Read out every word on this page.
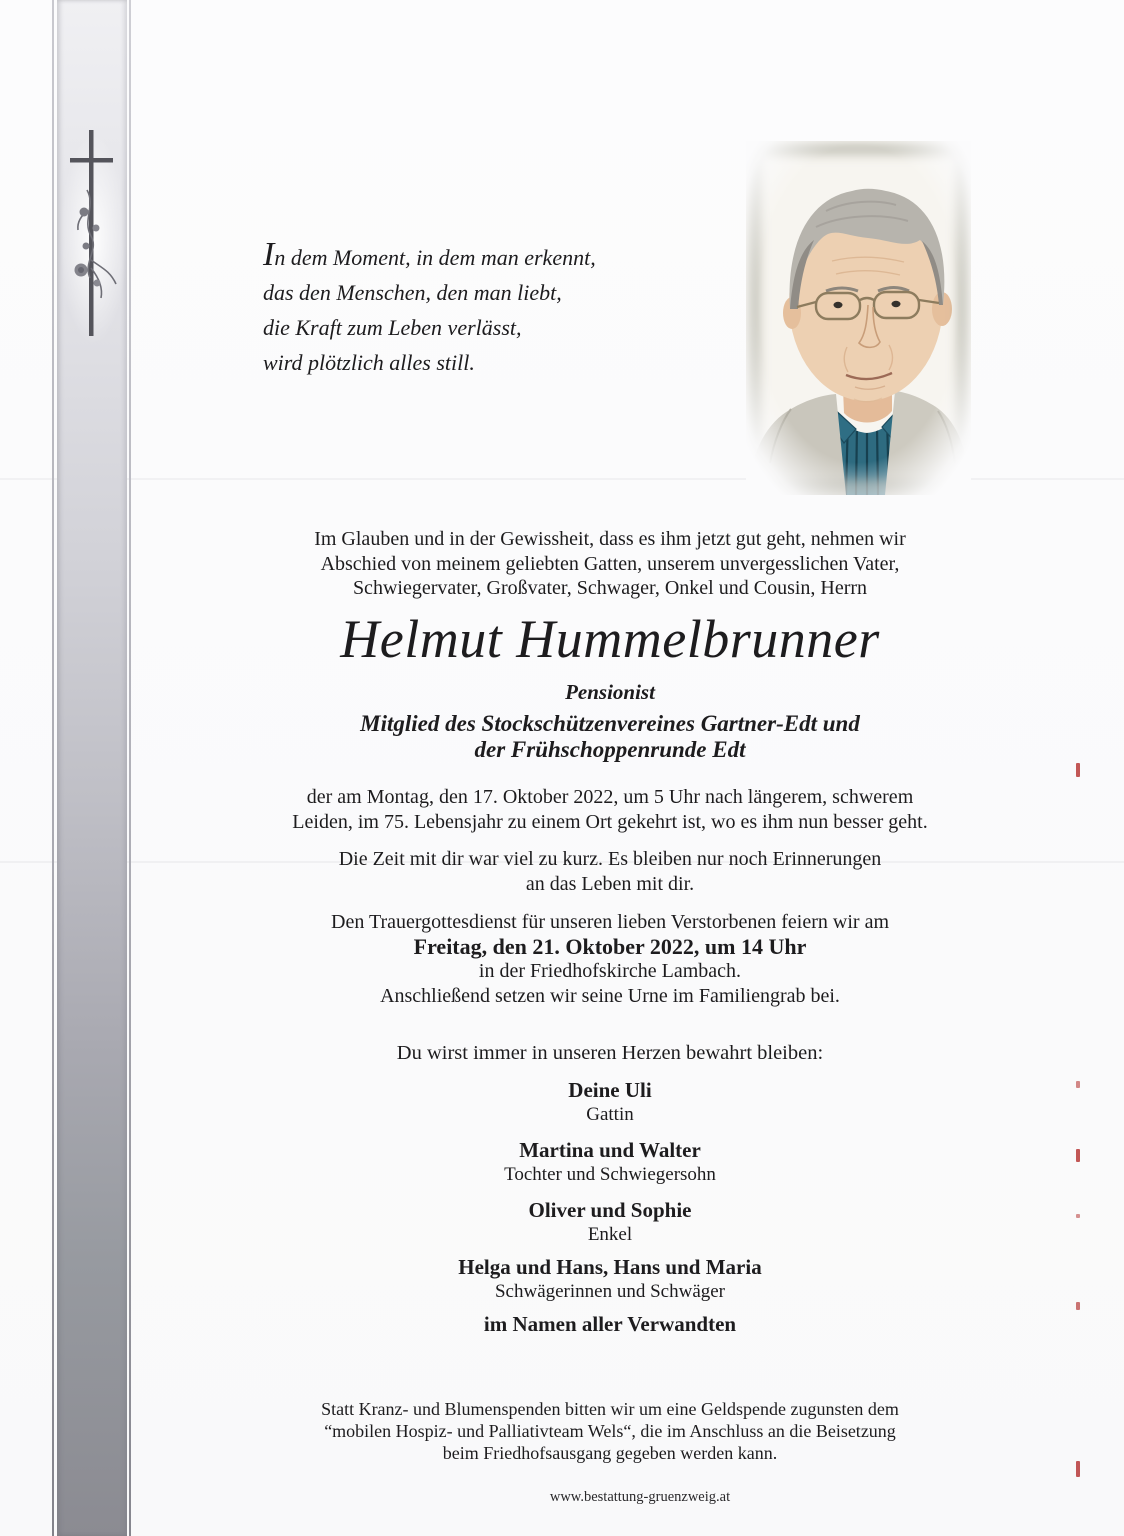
In dem Moment, in dem man erkennt,

das den Menschen, den man liebt,

die Kraft zum Leben verlässt,

wird plötzlich alles still.

Im Glauben und in der Gewissheit, dass es ihm jetzt gut geht, nehmen wir

Abschied von meinem geliebten Gatten, unserem unvergesslichen Vater,

Schwiegervater, Großvater, Schwager, Onkel und Cousin, Herrn

Helmut Hummelbrunner
Pensionist

Mitglied des Stockschützenvereines Gartner-Edt und

der Frühschoppenrunde Edt

der am Montag, den 17. Oktober 2022, um 5 Uhr nach längerem, schwerem

Leiden, im 75. Lebensjahr zu einem Ort gekehrt ist, wo es ihm nun besser geht.

Die Zeit mit dir war viel zu kurz. Es bleiben nur noch Erinnerungen

an das Leben mit dir.

Den Trauergottesdienst für unseren lieben Verstorbenen feiern wir am

Freitag, den 21. Oktober 2022, um 14 Uhr

in der Friedhofskirche Lambach.

Anschließend setzen wir seine Urne im Familiengrab bei.

Du wirst immer in unseren Herzen bewahrt bleiben:

Deine Uli

Gattin

Martina und Walter

Tochter und Schwiegersohn

Oliver und Sophie

Enkel

Helga und Hans, Hans und Maria

Schwägerinnen und Schwäger

im Namen aller Verwandten

Statt Kranz- und Blumenspenden bitten wir um eine Geldspende zugunsten dem

“mobilen Hospiz- und Palliativteam Wels“, die im Anschluss an die Beisetzung

beim Friedhofsausgang gegeben werden kann.

www.bestattung-gruenzweig.at
